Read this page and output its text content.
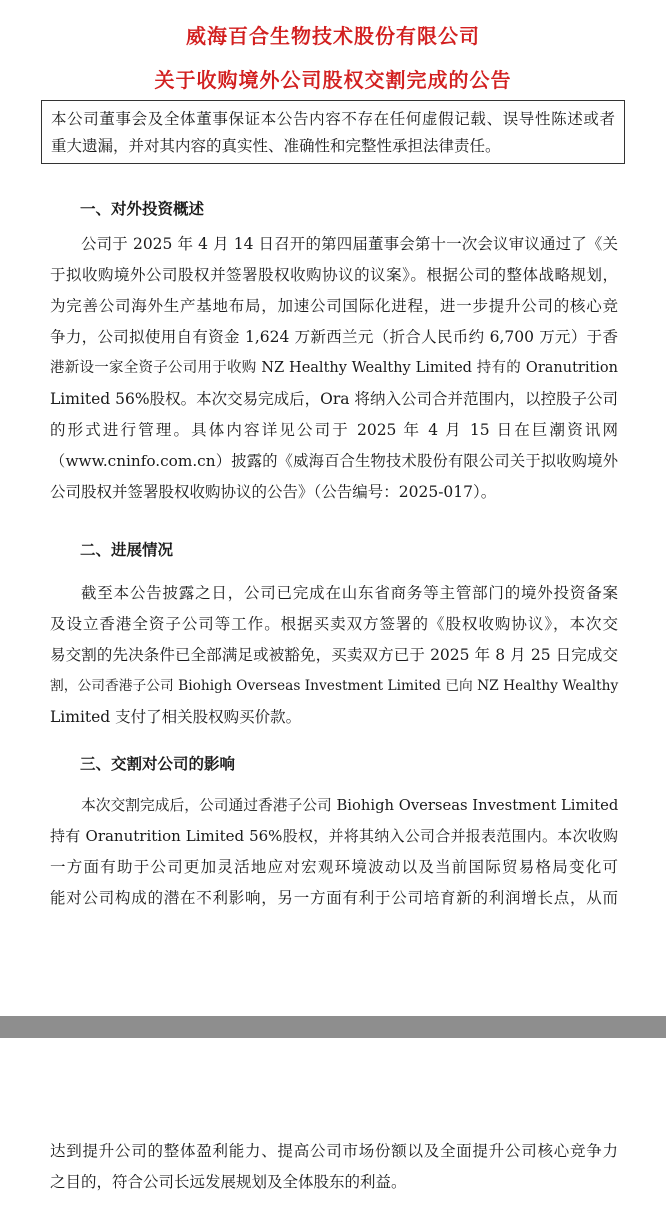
威海百合生物技术股份有限公司
关于收购境外公司股权交割完成的公告
本公司董事会及全体董事保证本公告内容不存在任何虚假记载、误导性陈述或者
重大遗漏，并对其内容的真实性、准确性和完整性承担法律责任。
一、对外投资概述
公司于 2025 年 4 月 14 日召开的第四届董事会第十一次会议审议通过了《关
于拟收购境外公司股权并签署股权收购协议的议案》。根据公司的整体战略规划，
为完善公司海外生产基地布局，加速公司国际化进程，进一步提升公司的核心竞
争力，公司拟使用自有资金 1,624 万新西兰元（折合人民币约 6,700 万元）于香
港新设一家全资子公司用于收购 NZ Healthy Wealthy Limited 持有的 Oranutrition
Limited 56%股权。本次交易完成后，Ora 将纳入公司合并范围内，以控股子公司
的形式进行管理。具体内容详见公司于 2025 年 4 月 15 日在巨潮资讯网
（www.cninfo.com.cn）披露的《威海百合生物技术股份有限公司关于拟收购境外
公司股权并签署股权收购协议的公告》（公告编号：2025-017）。
二、进展情况
截至本公告披露之日，公司已完成在山东省商务等主管部门的境外投资备案
及设立香港全资子公司等工作。根据买卖双方签署的《股权收购协议》，本次交
易交割的先决条件已全部满足或被豁免，买卖双方已于 2025 年 8 月 25 日完成交
割，公司香港子公司 Biohigh Overseas Investment Limited 已向 NZ Healthy Wealthy
Limited 支付了相关股权购买价款。
三、交割对公司的影响
本次交割完成后，公司通过香港子公司 Biohigh Overseas Investment Limited
持有 Oranutrition Limited 56%股权，并将其纳入公司合并报表范围内。本次收购
一方面有助于公司更加灵活地应对宏观环境波动以及当前国际贸易格局变化可
能对公司构成的潜在不利影响，另一方面有利于公司培育新的利润增长点，从而
达到提升公司的整体盈利能力、提高公司市场份额以及全面提升公司核心竞争力
之目的，符合公司长远发展规划及全体股东的利益。
